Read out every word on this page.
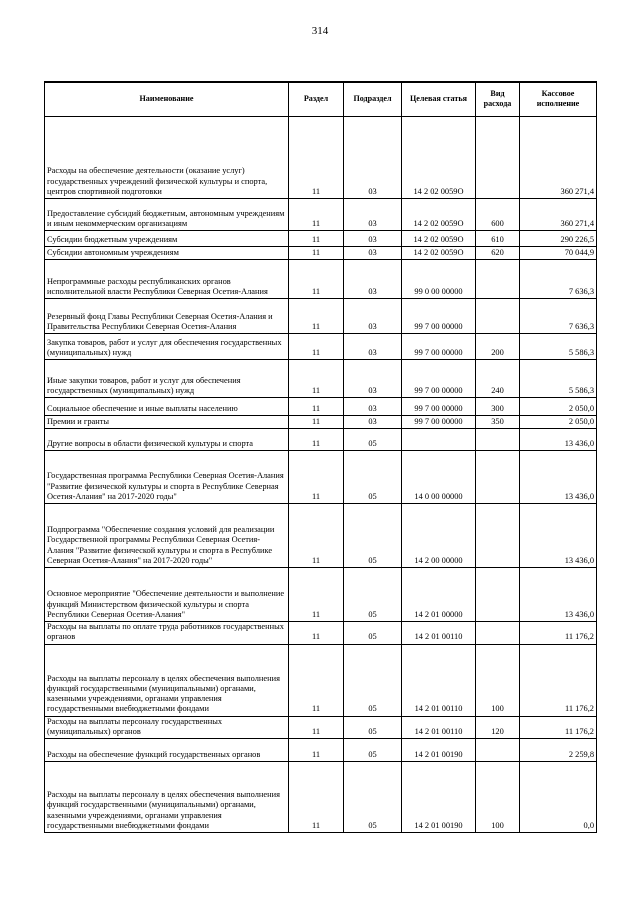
314
Наименование	Раздел	Подраздел	Целевая статья	Вид расхода	Кассовое исполнение
Расходы на обеспечение деятельности (оказание услуг) государственных учреждений физической культуры и спорта, центров спортивной подготовки	11	03	14 2 02 0059О		360 271,4
Предоставление субсидий бюджетным, автономным учреждениям и иным некоммерческим организациям	11	03	14 2 02 0059О	600	360 271,4
Субсидии бюджетным учреждениям	11	03	14 2 02 0059О	610	290 226,5
Субсидии автономным учреждениям	11	03	14 2 02 0059О	620	70 044,9
Непрограммные расходы республиканских органов исполнительной власти Республики Северная Осетия-Алания	11	03	99 0 00 00000		7 636,3
Резервный фонд Главы Республики Северная Осетия-Алания и Правительства Республики Северная Осетия-Алания	11	03	99 7 00 00000		7 636,3
Закупка товаров, работ и услуг для обеспечения государственных (муниципальных) нужд	11	03	99 7 00 00000	200	5 586,3
Иные закупки товаров, работ и услуг для обеспечения государственных (муниципальных) нужд	11	03	99 7 00 00000	240	5 586,3
Социальное обеспечение и иные выплаты населению	11	03	99 7 00 00000	300	2 050,0
Премии и гранты	11	03	99 7 00 00000	350	2 050,0
Другие вопросы в области физической культуры и спорта	11	05			13 436,0
Государственная программа Республики Северная Осетия-Алания "Развитие физической культуры и спорта в Республике Северная Осетия-Алания" на 2017-2020 годы"	11	05	14 0 00 00000		13 436,0
Подпрограмма "Обеспечение создания условий для реализации Государственной программы Республики Северная Осетия-Алания "Развитие физической культуры и спорта в Республике Северная Осетия-Алания" на 2017-2020 годы"	11	05	14 2 00 00000		13 436,0
Основное мероприятие "Обеспечение деятельности и выполнение функций Министерством физической культуры и спорта Республики Северная Осетия-Алания"	11	05	14 2 01 00000		13 436,0
Расходы на выплаты по оплате труда работников государственных органов	11	05	14 2 01 00110		11 176,2
Расходы на выплаты персоналу в целях обеспечения выполнения функций государственными (муниципальными) органами, казенными учреждениями, органами управления государственными внебюджетными фондами	11	05	14 2 01 00110	100	11 176,2
Расходы на выплаты персоналу государственных (муниципальных) органов	11	05	14 2 01 00110	120	11 176,2
Расходы на обеспечение функций государственных органов	11	05	14 2 01 00190		2 259,8
Расходы на выплаты персоналу в целях обеспечения выполнения функций государственными (муниципальными) органами, казенными учреждениями, органами управления государственными внебюджетными фондами	11	05	14 2 01 00190	100	0,0
